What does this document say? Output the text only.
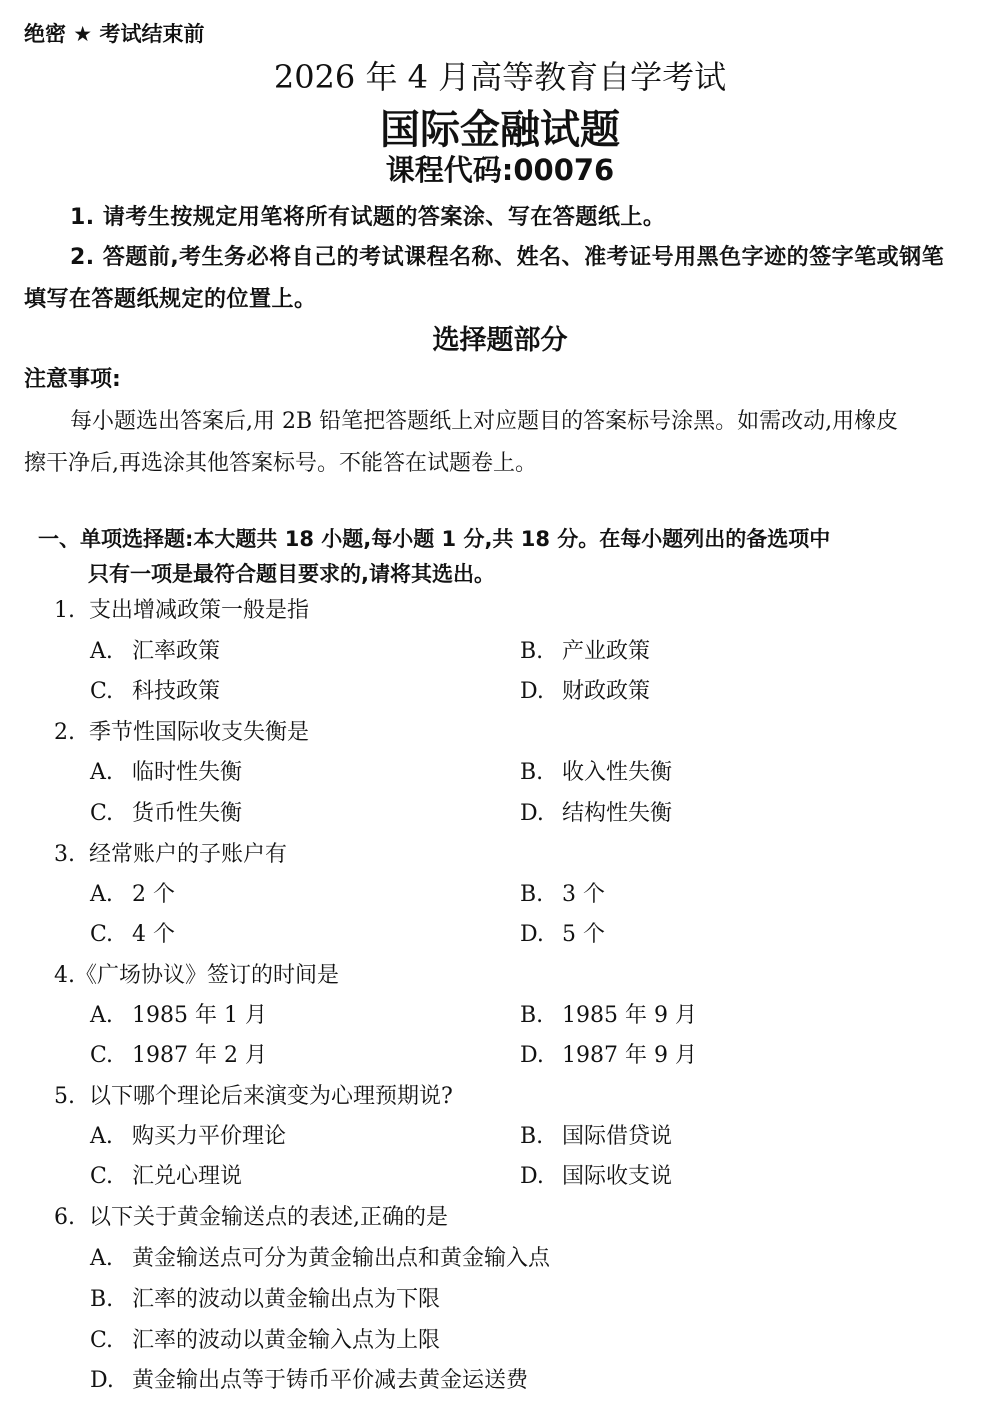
绝密 ★ 考试结束前
2026 年 4 月高等教育自学考试
国际金融试题
课程代码:00076
1. 请考生按规定用笔将所有试题的答案涂、写在答题纸上。
2. 答题前,考生务必将自己的考试课程名称、姓名、准考证号用黑色字迹的签字笔或钢笔
填写在答题纸规定的位置上。
选择题部分
注意事项:
每小题选出答案后,用 2B 铅笔把答题纸上对应题目的答案标号涂黑。如需改动,用橡皮
擦干净后,再选涂其他答案标号。不能答在试题卷上。
一、单项选择题:本大题共 18 小题,每小题 1 分,共 18 分。在每小题列出的备选项中
只有一项是最符合题目要求的,请将其选出。
1. 支出增减政策一般是指
A. 汇率政策	B. 产业政策
C. 科技政策	D. 财政政策
2. 季节性国际收支失衡是
A. 临时性失衡	B. 收入性失衡
C. 货币性失衡	D. 结构性失衡
3. 经常账户的子账户有
A. 2 个	B. 3 个
C. 4 个	D. 5 个
4.《广场协议》签订的时间是
A. 1985 年 1 月	B. 1985 年 9 月
C. 1987 年 2 月	D. 1987 年 9 月
5. 以下哪个理论后来演变为心理预期说?
A. 购买力平价理论	B. 国际借贷说
C. 汇兑心理说	D. 国际收支说
6. 以下关于黄金输送点的表述,正确的是
A. 黄金输送点可分为黄金输出点和黄金输入点
B. 汇率的波动以黄金输出点为下限
C. 汇率的波动以黄金输入点为上限
D. 黄金输出点等于铸币平价减去黄金运送费
